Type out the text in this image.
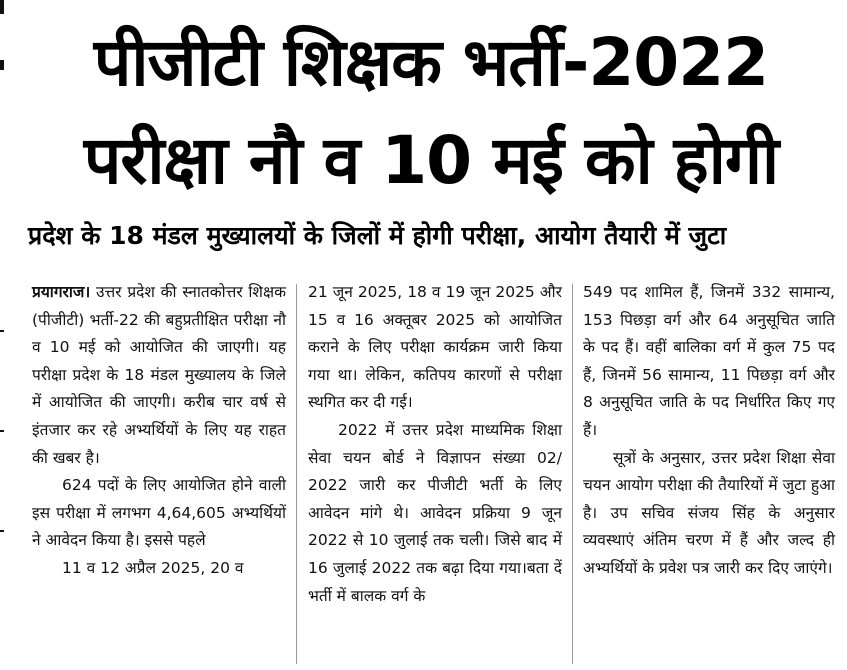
पीजीटी शिक्षक भर्ती-2022
परीक्षा नौ व 10 मई को होगी
प्रदेश के 18 मंडल मुख्यालयों के जिलों में होगी परीक्षा, आयोग तैयारी में जुटा

प्रयागराज। उत्तर प्रदेश की स्नातकोत्तर शिक्षक (पीजीटी) भर्ती-22 की बहुप्रतीक्षित परीक्षा नौ व 10 मई को आयोजित की जाएगी। यह परीक्षा प्रदेश के 18 मंडल मुख्यालय के जिले में आयोजित की जाएगी। करीब चार वर्ष से इंतजार कर रहे अभ्यर्थियों के लिए यह राहत की खबर है।

624 पदों के लिए आयोजित होने वाली इस परीक्षा में लगभग 4,64,605 अभ्यर्थियों ने आवेदन किया है। इससे पहले

11 व 12 अप्रैल 2025, 20 व

21 जून 2025, 18 व 19 जून 2025 और 15 व 16 अक्तूबर 2025 को आयोजित कराने के लिए परीक्षा कार्यक्रम जारी किया गया था। लेकिन, कतिपय कारणों से परीक्षा स्थगित कर दी गई।

2022 में उत्तर प्रदेश माध्यमिक शिक्षा सेवा चयन बोर्ड ने विज्ञापन संख्या 02/ 2022 जारी कर पीजीटी भर्ती के लिए आवेदन मांगे थे। आवेदन प्रक्रिया 9 जून 2022 से 10 जुलाई तक चली। जिसे बाद में 16 जुलाई 2022 तक बढ़ा दिया गया।बता दें भर्ती में बालक वर्ग के

549 पद शामिल हैं, जिनमें 332 सामान्य, 153 पिछड़ा वर्ग और 64 अनुसूचित जाति के पद हैं। वहीं बालिका वर्ग में कुल 75 पद हैं, जिनमें 56 सामान्य, 11 पिछड़ा वर्ग और 8 अनुसूचित जाति के पद निर्धारित किए गए हैं।

सूत्रों के अनुसार, उत्तर प्रदेश शिक्षा सेवा चयन आयोग परीक्षा की तैयारियों में जुटा हुआ है। उप सचिव संजय सिंह के अनुसार व्यवस्थाएं अंतिम चरण में हैं और जल्द ही अभ्यर्थियों के प्रवेश पत्र जारी कर दिए जाएंगे।
